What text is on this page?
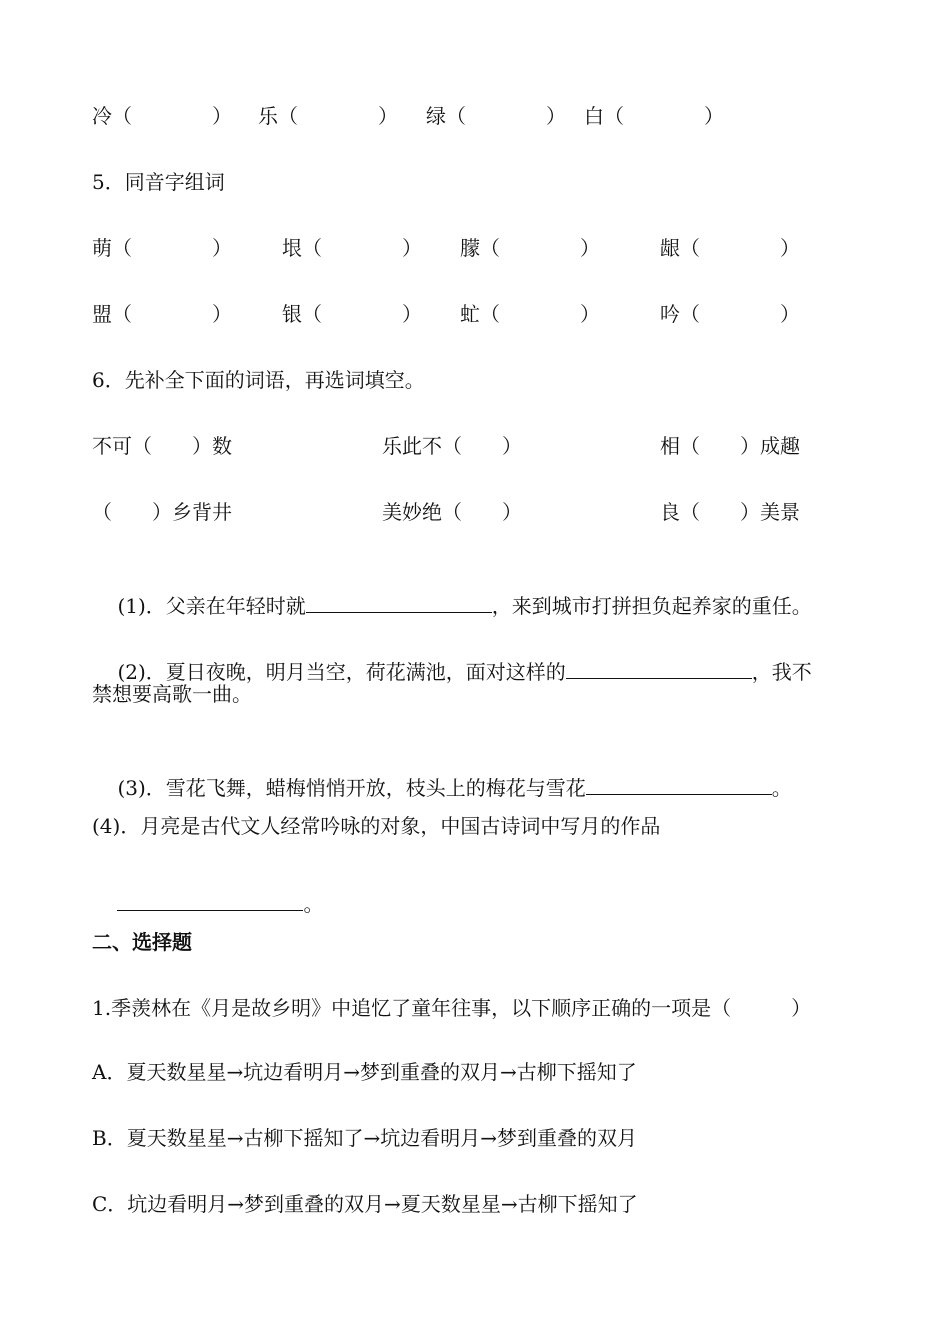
冷（　　　　） 乐（　　　　） 绿（　　　　） 白（　　　　）
5．同音字组词
萌（　　　　）	垠（　　　　） 朦（　　　　）	龈（　　　　）
盟（　　　　）	银（　　　　） 虻（　　　　）	吟（　　　　）
6．先补全下面的词语，再选词填空。
不可（　　）数	乐此不（　　）	相（　　）成趣
（　　）乡背井	美妙绝（　　）	良（　　）美景

(1)．父亲在年轻时就	，来到城市打拼担负起养家的重任。

(2)．夏日夜晚，明月当空，荷花满池，面对这样的	，我不

禁想要高歌一曲。

(3)．雪花飞舞，蜡梅悄悄开放，枝头上的梅花与雪花	。

(4)．月亮是古代文人经常吟咏的对象，中国古诗词中写月的作品

。

二、选择题
1.季羡林在《月是故乡明》中追忆了童年往事，以下顺序正确的一项是（　　　）
A．夏天数星星→坑边看明月→梦到重叠的双月→古柳下摇知了
B．夏天数星星→古柳下摇知了→坑边看明月→梦到重叠的双月
C．坑边看明月→梦到重叠的双月→夏天数星星→古柳下摇知了
